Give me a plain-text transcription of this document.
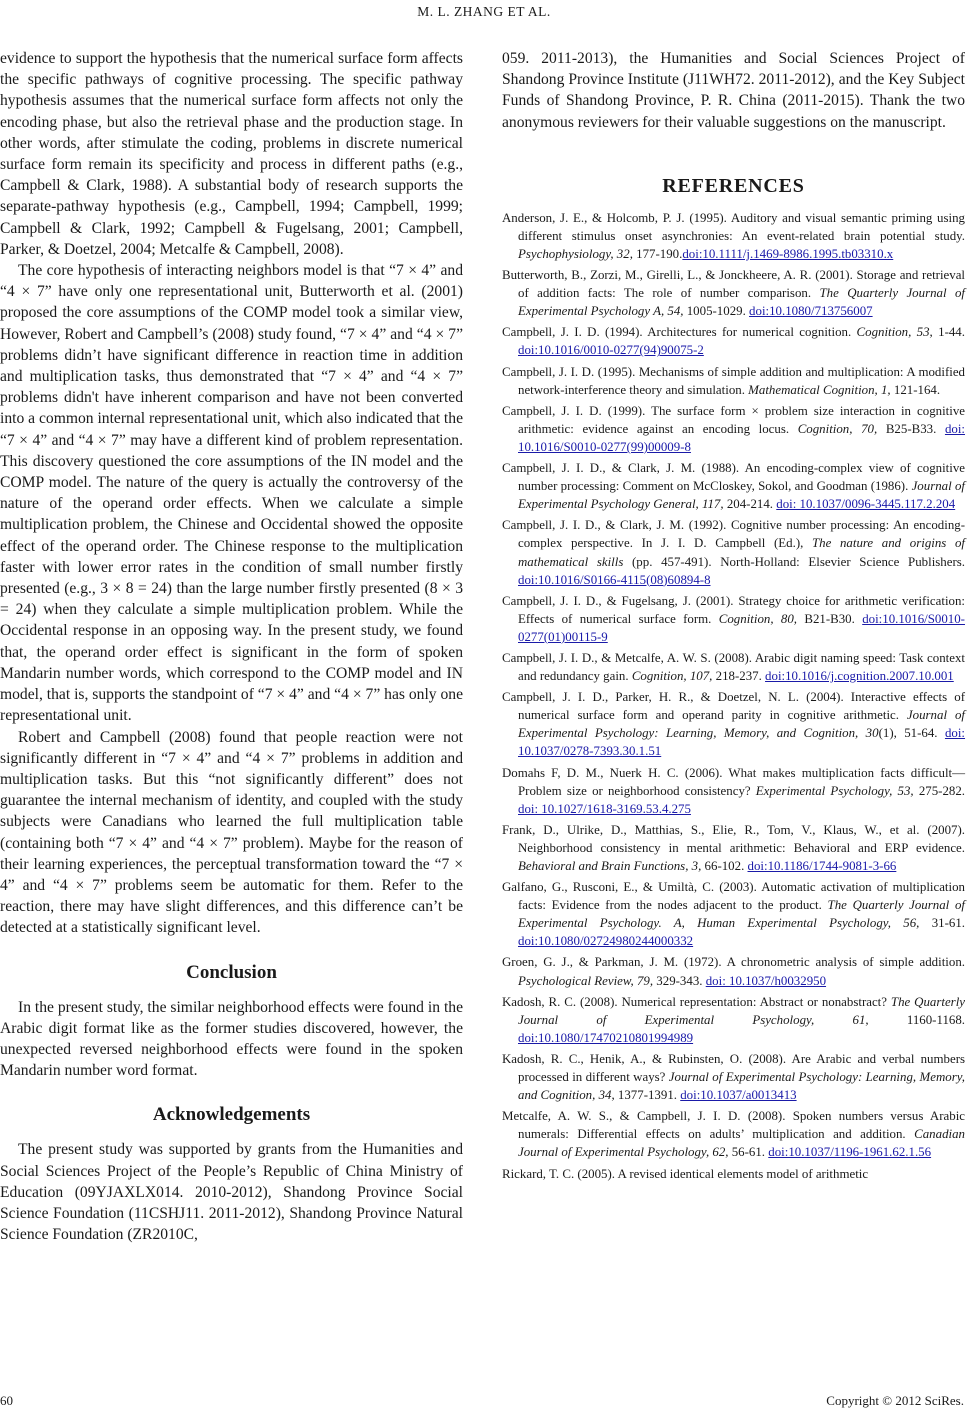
M. L. ZHANG ET AL.

evidence to support the hypothesis that the numerical surface form affects the specific pathways of cognitive processing. The specific pathway hypothesis assumes that the numerical surface form affects not only the encoding phase, but also the retrieval phase and the production stage. In other words, after stimulate the coding, problems in discrete numerical surface form remain its specificity and process in different paths (e.g., Campbell & Clark, 1988). A substantial body of research supports the separate-pathway hypothesis (e.g., Campbell, 1994; Campbell, 1999; Campbell & Clark, 1992; Campbell & Fugelsang, 2001; Campbell, Parker, & Doetzel, 2004; Metcalfe & Campbell, 2008).

The core hypothesis of interacting neighbors model is that “7 × 4” and “4 × 7” have only one representational unit, Butterworth et al. (2001) proposed the core assumptions of the COMP model took a similar view, However, Robert and Campbell’s (2008) study found, “7 × 4” and “4 × 7” problems didn’t have significant difference in reaction time in addition and multiplication tasks, thus demonstrated that “7 × 4” and “4 × 7” problems didn't have inherent comparison and have not been converted into a common internal representational unit, which also indicated that the “7 × 4” and “4 × 7” may have a different kind of problem representation. This discovery questioned the core assumptions of the IN model and the COMP model. The nature of the query is actually the controversy of the nature of the operand order effects. When we calculate a simple multiplication problem, the Chinese and Occidental showed the opposite effect of the operand order. The Chinese response to the multiplication faster with lower error rates in the condition of small number firstly presented (e.g., 3 × 8 = 24) than the large number firstly presented (8 × 3 = 24) when they calculate a simple multiplication problem. While the Occidental response in an opposing way. In the present study, we found that, the operand order effect is significant in the form of spoken Mandarin number words, which correspond to the COMP model and IN model, that is, supports the standpoint of “7 × 4” and “4 × 7” has only one representational unit.

Robert and Campbell (2008) found that people reaction were not significantly different in “7 × 4” and “4 × 7” problems in addition and multiplication tasks. But this “not significantly different” does not guarantee the internal mechanism of identity, and coupled with the study subjects were Canadians who learned the full multiplication table (containing both “7 × 4” and “4 × 7” problem). Maybe for the reason of their learning experiences, the perceptual transformation toward the “7 × 4” and “4 × 7” problems seem be automatic for them. Refer to the reaction, there may have slight differences, and this difference can’t be detected at a statistically significant level.

Conclusion

In the present study, the similar neighborhood effects were found in the Arabic digit format like as the former studies discovered, however, the unexpected reversed neighborhood effects were found in the spoken Mandarin number word format.

Acknowledgements

The present study was supported by grants from the Humanities and Social Sciences Project of the People’s Republic of China Ministry of Education (09YJAXLX014. 2010-2012), Shandong Province Social Science Foundation (11CSHJ11. 2011-2012), Shandong Province Natural Science Foundation (ZR2010C,

059. 2011-2013), the Humanities and Social Sciences Project of Shandong Province Institute (J11WH72. 2011-2012), and the Key Subject Funds of Shandong Province, P. R. China (2011-2015). Thank the two anonymous reviewers for their valuable suggestions on the manuscript.

REFERENCES
Anderson, J. E., & Holcomb, P. J. (1995). Auditory and visual semantic priming using different stimulus onset asynchronies: An event-related brain potential study. Psychophysiology, 32, 177-190.doi:10.1111/j.1469-8986.1995.tb03310.x
Butterworth, B., Zorzi, M., Girelli, L., & Jonckheere, A. R. (2001). Storage and retrieval of addition facts: The role of number comparison. The Quarterly Journal of Experimental Psychology A, 54, 1005-1029. doi:10.1080/713756007
Campbell, J. I. D. (1994). Architectures for numerical cognition. Cognition, 53, 1-44. doi:10.1016/0010-0277(94)90075-2
Campbell, J. I. D. (1995). Mechanisms of simple addition and multiplication: A modified network-interference theory and simulation. Mathematical Cognition, 1, 121-164.
Campbell, J. I. D. (1999). The surface form × problem size interaction in cognitive arithmetic: evidence against an encoding locus. Cognition, 70, B25-B33. doi: 10.1016/S0010-0277(99)00009-8
Campbell, J. I. D., & Clark, J. M. (1988). An encoding-complex view of cognitive number processing: Comment on McCloskey, Sokol, and Goodman (1986). Journal of Experimental Psychology General, 117, 204-214. doi: 10.1037/0096-3445.117.2.204
Campbell, J. I. D., & Clark, J. M. (1992). Cognitive number processing: An encoding-complex perspective. In J. I. D. Campbell (Ed.), The nature and origins of mathematical skills (pp. 457-491). North-Holland: Elsevier Science Publishers. doi:10.1016/S0166-4115(08)60894-8
Campbell, J. I. D., & Fugelsang, J. (2001). Strategy choice for arithmetic verification: Effects of numerical surface form. Cognition, 80, B21-B30. doi:10.1016/S0010-0277(01)00115-9
Campbell, J. I. D., & Metcalfe, A. W. S. (2008). Arabic digit naming speed: Task context and redundancy gain. Cognition, 107, 218-237. doi:10.1016/j.cognition.2007.10.001
Campbell, J. I. D., Parker, H. R., & Doetzel, N. L. (2004). Interactive effects of numerical surface form and operand parity in cognitive arithmetic. Journal of Experimental Psychology: Learning, Memory, and Cognition, 30(1), 51-64. doi: 10.1037/0278-7393.30.1.51
Domahs F, D. M., Nuerk H. C. (2006). What makes multiplication facts difficult—Problem size or neighborhood consistency? Experimental Psychology, 53, 275-282. doi: 10.1027/1618-3169.53.4.275
Frank, D., Ulrike, D., Matthias, S., Elie, R., Tom, V., Klaus, W., et al. (2007). Neighborhood consistency in mental arithmetic: Behavioral and ERP evidence. Behavioral and Brain Functions, 3, 66-102. doi:10.1186/1744-9081-3-66
Galfano, G., Rusconi, E., & Umiltà, C. (2003). Automatic activation of multiplication facts: Evidence from the nodes adjacent to the product. The Quarterly Journal of Experimental Psychology. A, Human Experimental Psychology, 56, 31-61. doi:10.1080/02724980244000332
Groen, G. J., & Parkman, J. M. (1972). A chronometric analysis of simple addition. Psychological Review, 79, 329-343. doi: 10.1037/h0032950
Kadosh, R. C. (2008). Numerical representation: Abstract or nonabstract? The Quarterly Journal of Experimental Psychology, 61, 1160-1168. doi:10.1080/17470210801994989
Kadosh, R. C., Henik, A., & Rubinsten, O. (2008). Are Arabic and verbal numbers processed in different ways? Journal of Experimental Psychology: Learning, Memory, and Cognition, 34, 1377-1391. doi:10.1037/a0013413
Metcalfe, A. W. S., & Campbell, J. I. D. (2008). Spoken numbers versus Arabic numerals: Differential effects on adults’ multiplication and addition. Canadian Journal of Experimental Psychology, 62, 56-61. doi:10.1037/1196-1961.62.1.56
Rickard, T. C. (2005). A revised identical elements model of arithmetic
60	Copyright © 2012 SciRes.
